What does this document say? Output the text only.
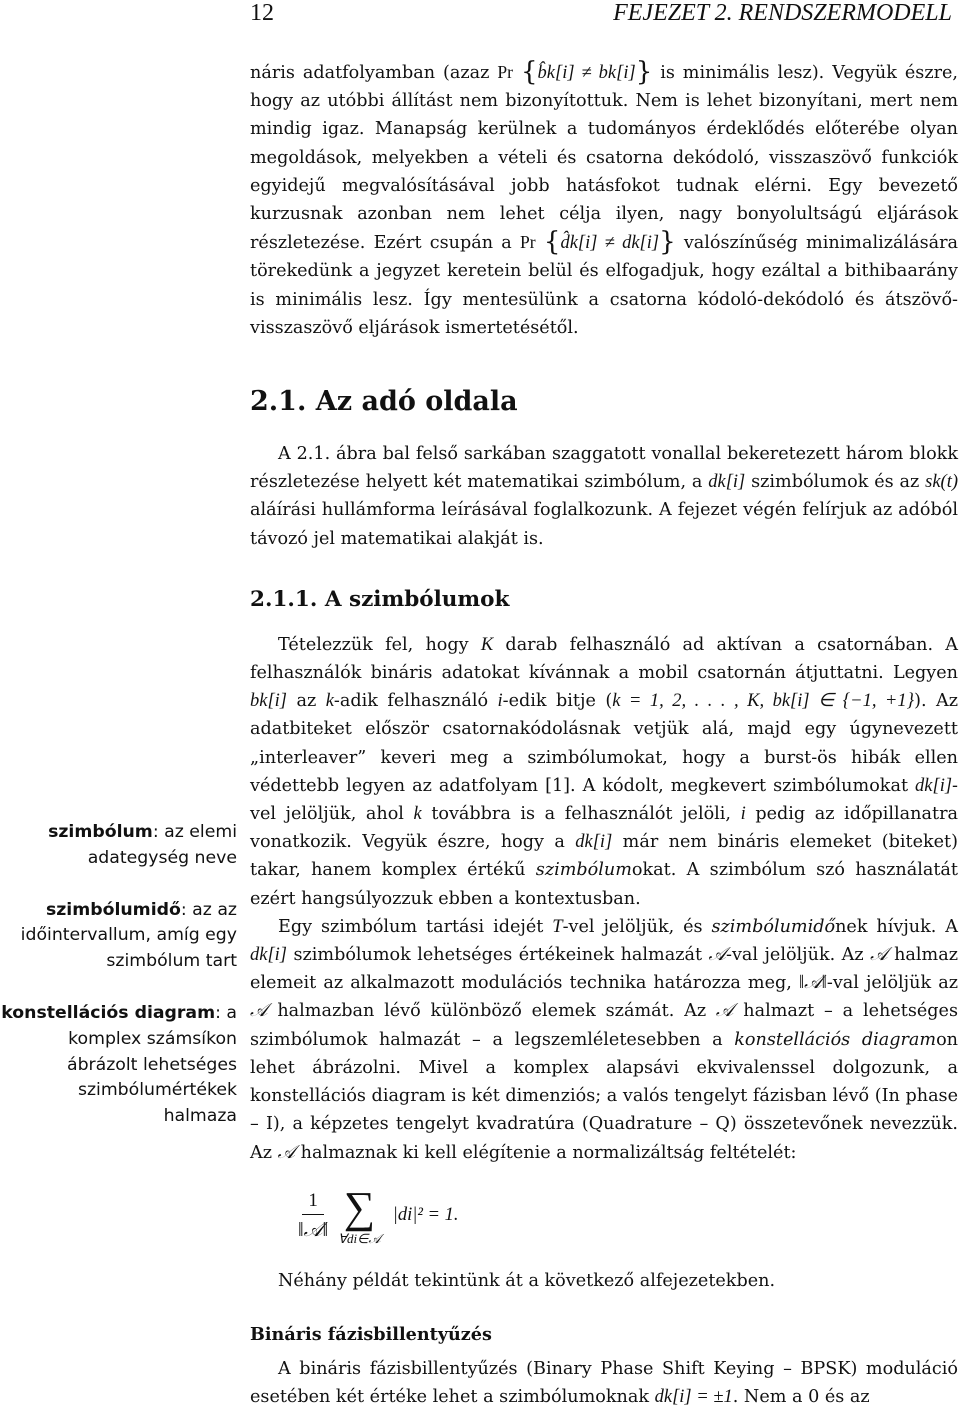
12	FEJEZET 2. RENDSZERMODELL
szimbólum: az elemi adategység neve
szimbólumidő: az az időintervallum, amíg egy szimbólum tart
konstellációs diagram: a komplex számsíkon ábrázolt lehetséges szimbólumértékek halmaza

náris adatfolyamban (azaz Pr {b̂k[i] ≠ bk[i]} is minimális lesz). Vegyük észre, hogy az utóbbi állítást nem bizonyítottuk. Nem is lehet bizonyítani, mert nem mindig igaz. Manapság kerülnek a tudományos érdeklődés előterébe olyan megoldások, melyekben a vételi és csatorna dekódoló, visszaszövő funkciók egyidejű megvalósításával jobb hatásfokot tudnak elérni. Egy bevezető kurzusnak azonban nem lehet célja ilyen, nagy bonyolultságú eljárások részletezése. Ezért csupán a Pr {d̂k[i] ≠ dk[i]} valószínűség minimalizálására törekedünk a jegyzet keretein belül és elfogadjuk, hogy ezáltal a bithibaarány is minimális lesz. Így mentesülünk a csatorna kódoló-dekódoló és átszövő-visszaszövő eljárások ismertetésétől.

2.1. Az adó oldala

A 2.1. ábra bal felső sarkában szaggatott vonallal bekeretezett három blokk részletezése helyett két matematikai szimbólum, a dk[i] szimbólumok és az sk(t) aláírási hullámforma leírásával foglalkozunk. A fejezet végén felírjuk az adóból távozó jel matematikai alakját is.

2.1.1. A szimbólumok

Tételezzük fel, hogy K darab felhasználó ad aktívan a csatornában. A felhasználók bináris adatokat kívánnak a mobil csatornán átjuttatni. Legyen bk[i] az k-adik felhasználó i-edik bitje (k = 1, 2, . . . , K, bk[i] ∈ {−1, +1}). Az adatbiteket először csatornakódolásnak vetjük alá, majd egy úgynevezett „interleaver” keveri meg a szimbólumokat, hogy a burst-ös hibák ellen védettebb legyen az adatfolyam [1]. A kódolt, megkevert szimbólumokat dk[i]-vel jelöljük, ahol k továbbra is a felhasználót jelöli, i pedig az időpillanatra vonatkozik. Vegyük észre, hogy a dk[i] már nem bináris elemeket (biteket) takar, hanem komplex értékű szimbólumokat. A szimbólum szó használatát ezért hangsúlyozzuk ebben a kontextusban.

Egy szimbólum tartási idejét T-vel jelöljük, és szimbólumidőnek hívjuk. A dk[i] szimbólumok lehetséges értékeinek halmazát 𝒜-val jelöljük. Az 𝒜 halmaz elemeit az alkalmazott modulációs technika határozza meg, ‖𝒜‖-val jelöljük az 𝒜 halmazban lévő különböző elemek számát. Az 𝒜 halmazt – a lehetséges szimbólumok halmazát – a legszemléletesebben a konstellációs diagramon lehet ábrázolni. Mivel a komplex alapsávi ekvivalenssel dolgozunk, a konstellációs diagram is két dimenziós; a valós tengelyt fázisban lévő (In phase – I), a képzetes tengelyt kvadratúra (Quadrature – Q) összetevőnek nevezzük. Az 𝒜 halmaznak ki kell elégítenie a normalizáltság feltételét:

$\frac{1}{\text{‖𝒜‖}}$ ∑
∀di∈𝒜
|di|² = 1.

Néhány példát tekintünk át a következő alfejezetekben.

Bináris fázisbillentyűzés

A bináris fázisbillentyűzés (Binary Phase Shift Keying – BPSK) moduláció esetében két értéke lehet a szimbólumoknak dk[i] = ±1. Nem a 0 és az
